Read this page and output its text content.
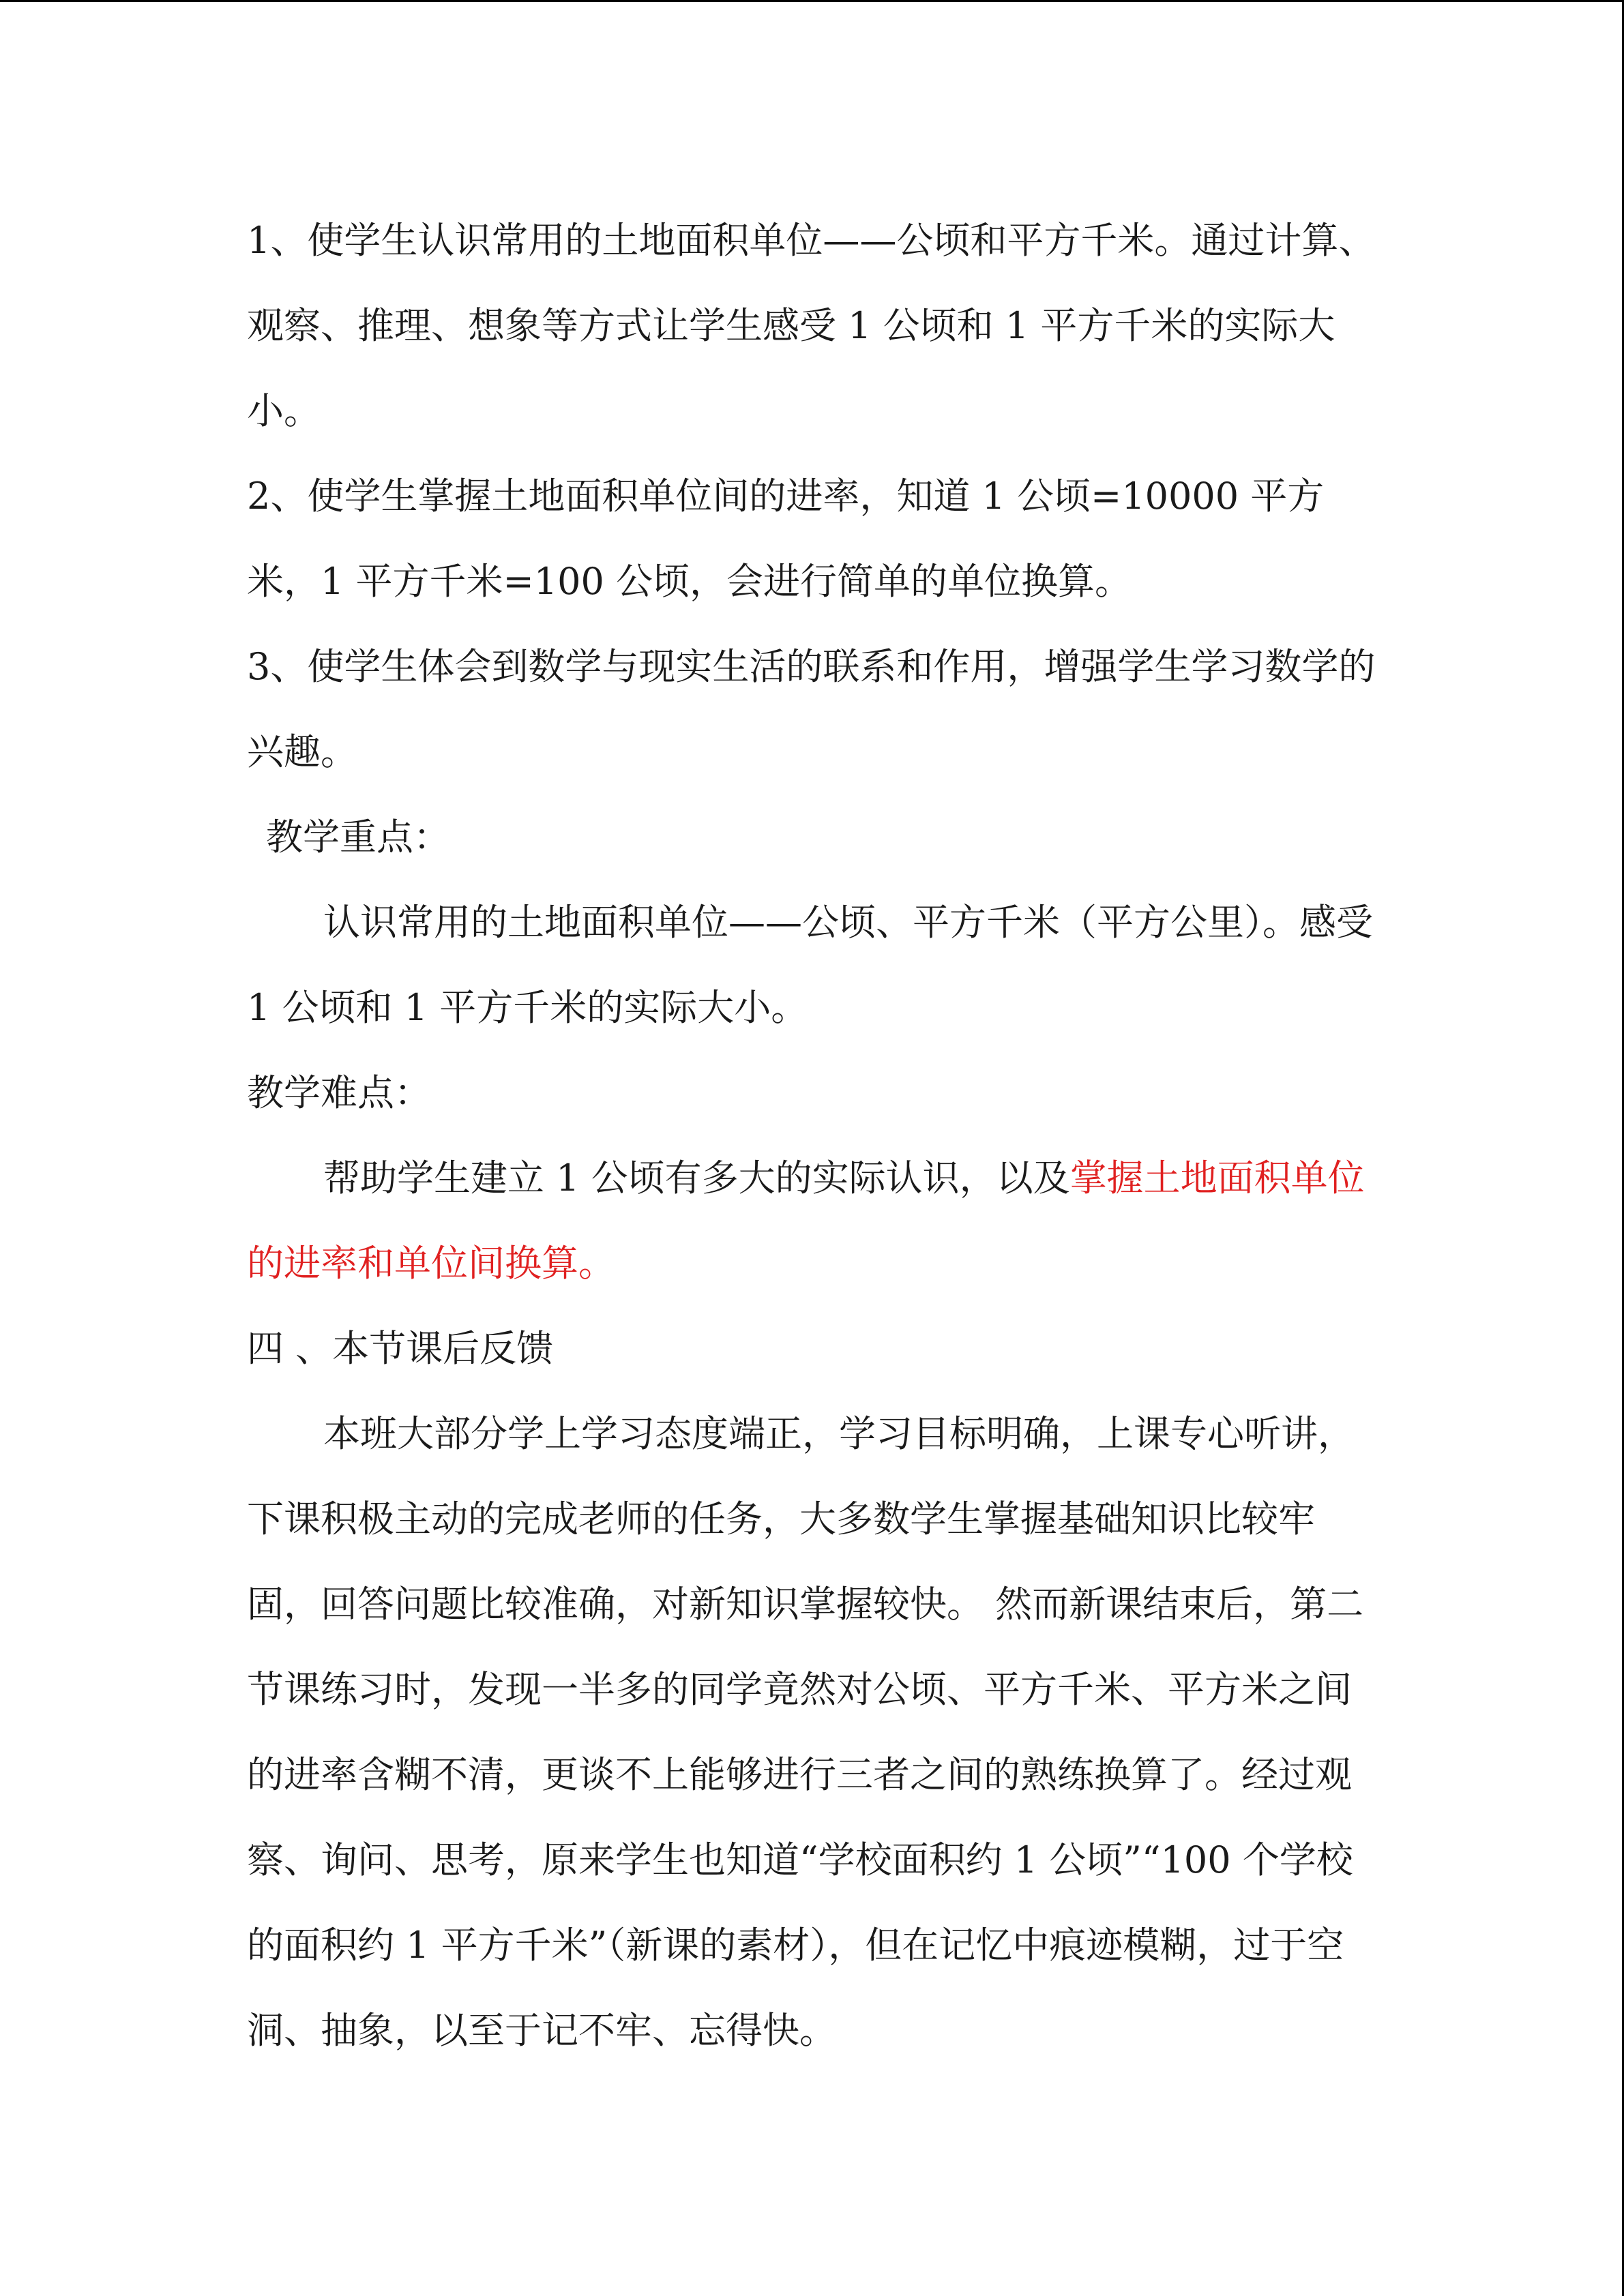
1、使学生认识常用的土地面积单位——公顷和平方千米。通过计算、观察、推理、想象等方式让学生感受 1 公顷和 1 平方千米的实际大小。

2、使学生掌握土地面积单位间的进率，知道 1 公顷=10000 平方米，1 平方千米=100 公顷，会进行简单的单位换算。

3、使学生体会到数学与现实生活的联系和作用，增强学生学习数学的兴趣。

教学重点：

认识常用的土地面积单位——公顷、平方千米（平方公里）。感受 1 公顷和 1 平方千米的实际大小。

教学难点：

帮助学生建立 1 公顷有多大的实际认识，以及掌握土地面积单位的进率和单位间换算。

四 、本节课后反馈

本班大部分学上学习态度端正，学习目标明确，上课专心听讲，下课积极主动的完成老师的任务，大多数学生掌握基础知识比较牢固，回答问题比较准确，对新知识掌握较快。 然而新课结束后，第二节课练习时，发现一半多的同学竟然对公顷、平方千米、平方米之间的进率含糊不清，更谈不上能够进行三者之间的熟练换算了。经过观察、询问、思考，原来学生也知道“学校面积约 1 公顷”“100 个学校的面积约 1 平方千米”（新课的素材），但在记忆中痕迹模糊，过于空洞、抽象，以至于记不牢、忘得快。
